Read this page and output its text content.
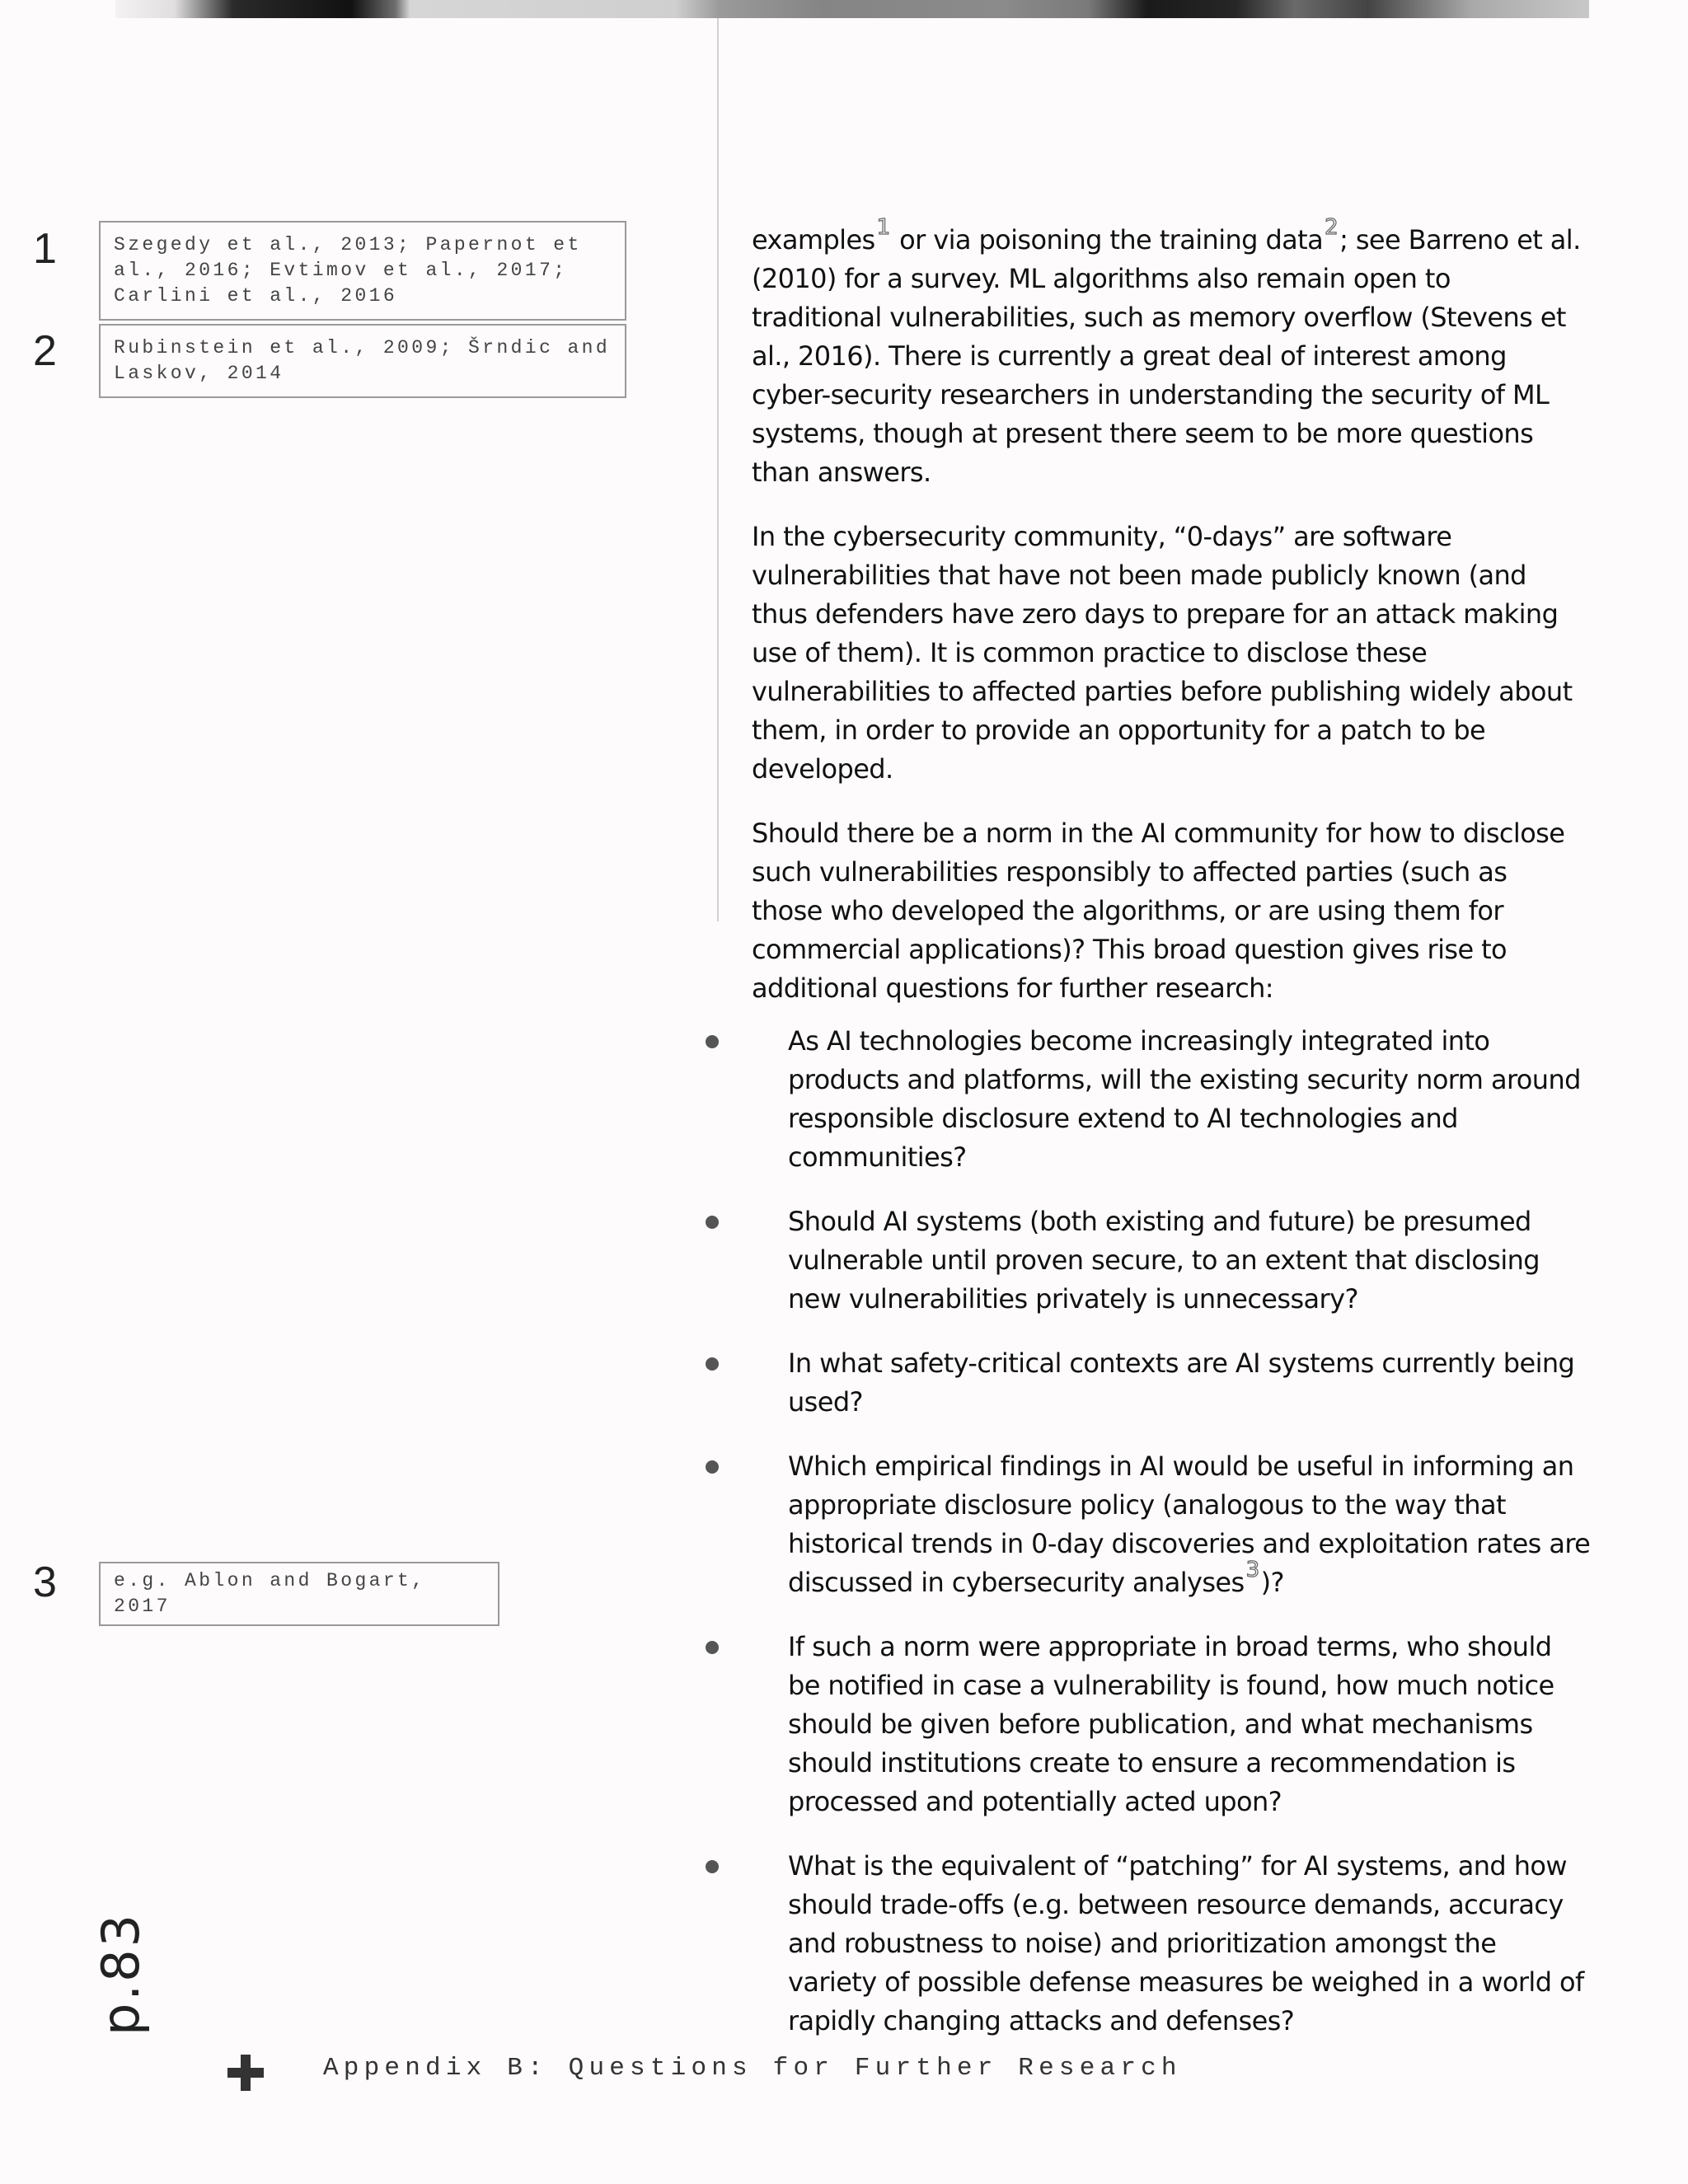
1	Szegedy et al., 2013; Papernot et al., 2016; Evtimov et al., 2017; Carlini et al., 2016
2	Rubinstein et al., 2009; Šrndic and Laskov, 2014
3	e.g. Ablon and Bogart, 2017

examples$^1$ or via poisoning the training data$^2$; see Barreno et al. (2010) for a survey. ML algorithms also remain open to traditional vulnerabilities, such as memory overflow (Stevens et al., 2016). There is currently a great deal of interest among cyber-security researchers in understanding the security of ML systems, though at present there seem to be more questions than answers.

In the cybersecurity community, “0-days” are software vulnerabilities that have not been made publicly known (and thus defenders have zero days to prepare for an attack making use of them). It is common practice to disclose these vulnerabilities to affected parties before publishing widely about them, in order to provide an opportunity for a patch to be developed.

Should there be a norm in the AI community for how to disclose such vulnerabilities responsibly to affected parties (such as those who developed the algorithms, or are using them for commercial applications)? This broad question gives rise to additional questions for further research:

As AI technologies become increasingly integrated into products and platforms, will the existing security norm around responsible disclosure extend to AI technologies and communities?
Should AI systems (both existing and future) be presumed vulnerable until proven secure, to an extent that disclosing new vulnerabilities privately is unnecessary?
In what safety-critical contexts are AI systems currently being used?
Which empirical findings in AI would be useful in informing an appropriate disclosure policy (analogous to the way that historical trends in 0-day discoveries and exploitation rates are discussed in cybersecurity analyses$^3$)?
If such a norm were appropriate in broad terms, who should be notified in case a vulnerability is found, how much notice should be given before publication, and what mechanisms should institutions create to ensure a recommendation is processed and potentially acted upon?
What is the equivalent of “patching” for AI systems, and how should trade-offs (e.g. between resource demands, accuracy and robustness to noise) and prioritization amongst the variety of possible defense measures be weighed in a world of rapidly changing attacks and defenses?
p.83
Appendix B: Questions for Further Research
